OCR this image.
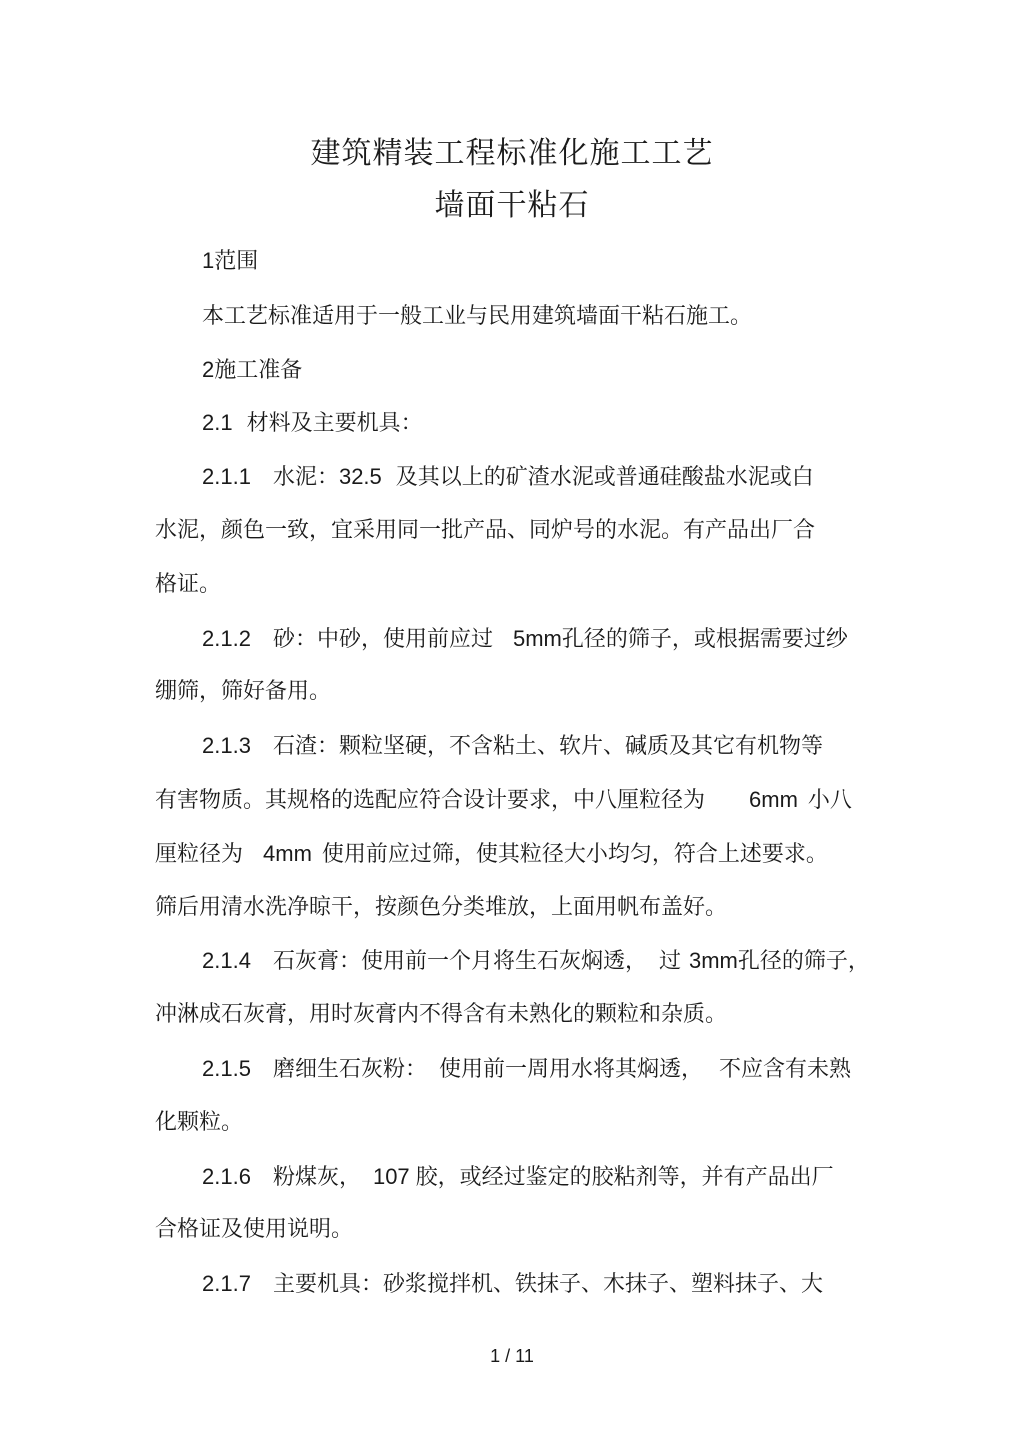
建筑精装工程标准化施工工艺
墙面干粘石
1范围
本工艺标准适用于一般工业与民用建筑墙面干粘石施工。
2施工准备
2.1 材料及主要机具：
2.1.1 水泥：32.5 及其以上的矿渣水泥或普通硅酸盐水泥或白
水泥，颜色一致，宜采用同一批产品、同炉号的水泥。有产品出厂合
格证。
2.1.2 砂：中砂，使用前应过 5mm孔径的筛子，或根据需要过纱
绷筛，筛好备用。
2.1.3 石渣：颗粒坚硬，不含粘土、软片、碱质及其它有机物等
有害物质。其规格的选配应符合设计要求，中八厘粒径为 6mm 小八
厘粒径为 4mm 使用前应过筛，使其粒径大小均匀，符合上述要求。
筛后用清水洗净晾干，按颜色分类堆放，上面用帆布盖好。
2.1.4 石灰膏：使用前一个月将生石灰焖透， 过 3mm孔径的筛子，
冲淋成石灰膏，用时灰膏内不得含有未熟化的颗粒和杂质。
2.1.5 磨细生石灰粉： 使用前一周用水将其焖透， 不应含有未熟
化颗粒。
2.1.6 粉煤灰， 107 胶，或经过鉴定的胶粘剂等，并有产品出厂
合格证及使用说明。
2.1.7 主要机具：砂浆搅拌机、铁抹子、木抹子、塑料抹子、大
1 / 11
